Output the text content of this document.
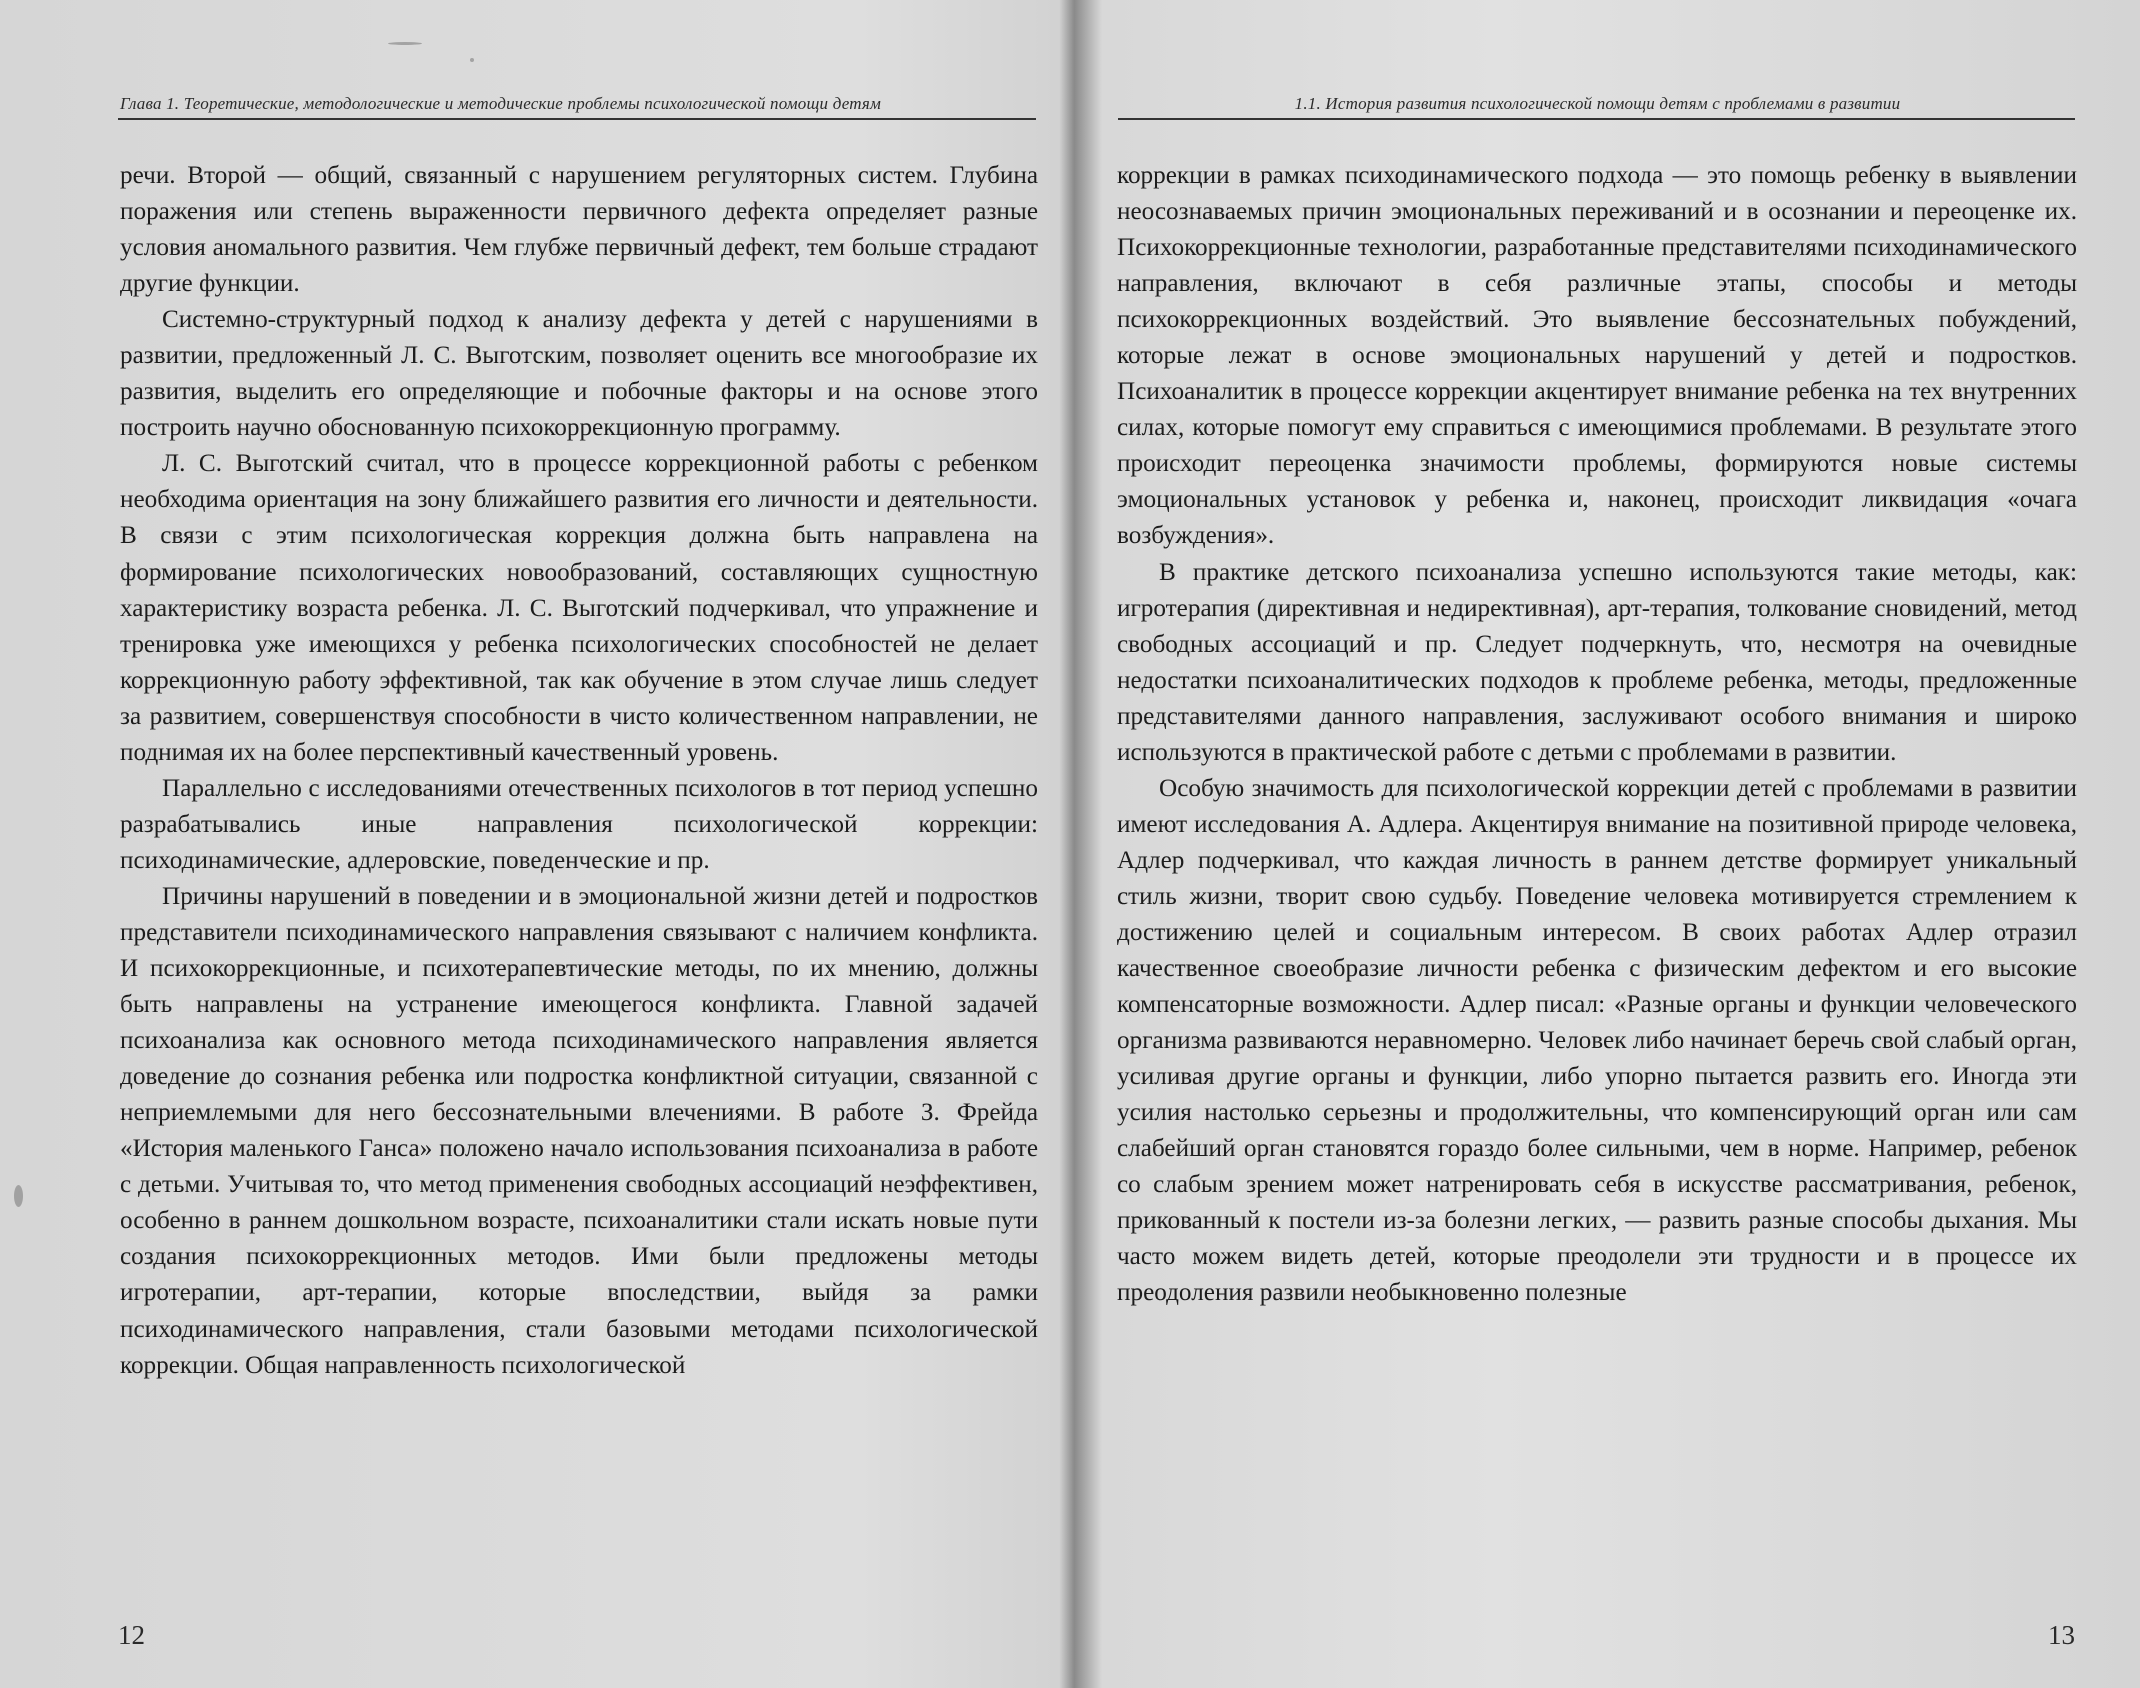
Глава 1. Теоретические, методологические и методические проблемы психологической помощи детям

речи. Второй — общий, связанный с нарушением регуляторных систем. Глубина поражения или степень выраженности первичного дефекта определяет разные условия аномального развития. Чем глубже первичный дефект, тем больше страдают другие функции.

Системно-структурный подход к анализу дефекта у детей с нарушениями в развитии, предложенный Л. С. Выготским, позволяет оценить все многообразие их развития, выделить его определяющие и побочные факторы и на основе этого построить научно обоснованную психокоррекционную программу.

Л. С. Выготский считал, что в процессе коррекционной работы с ребенком необходима ориентация на зону ближайшего развития его личности и деятельности. В связи с этим психологическая коррекция должна быть направлена на формирование психологических новообразований, составляющих сущностную характеристику возраста ребенка. Л. С. Выготский подчеркивал, что упражнение и тренировка уже имеющихся у ребенка психологических способностей не делает коррекционную работу эффективной, так как обучение в этом случае лишь следует за развитием, совершенствуя способности в чисто количественном направлении, не поднимая их на более перспективный качественный уровень.

Параллельно с исследованиями отечественных психологов в тот период успешно разрабатывались иные направления психологической коррекции: психодинамические, адлеровские, поведенческие и пр.

Причины нарушений в поведении и в эмоциональной жизни детей и подростков представители психодинамического направления связывают с наличием конфликта. И психокоррекционные, и психотерапевтические методы, по их мнению, должны быть направлены на устранение имеющегося конфликта. Главной задачей психоанализа как основного метода психодинамического направления является доведение до сознания ребенка или подростка конфликтной ситуации, связанной с неприемлемыми для него бессознательными влечениями. В работе З. Фрейда «История маленького Ганса» положено начало использования психоанализа в работе с детьми. Учитывая то, что метод применения свободных ассоциаций неэффективен, особенно в раннем дошкольном возрасте, психоаналитики стали искать новые пути создания психокоррекционных методов. Ими были предложены методы игротерапии, арт-терапии, которые впоследствии, выйдя за рамки психодинамического направления, стали базовыми методами психологической коррекции. Общая направленность психологической

12
1.1. История развития психологической помощи детям с проблемами в развитии

коррекции в рамках психодинамического подхода — это помощь ребенку в выявлении неосознаваемых причин эмоциональных переживаний и в осознании и переоценке их. Психокоррекционные технологии, разработанные представителями психодинамического направления, включают в себя различные этапы, способы и методы психокоррекционных воздействий. Это выявление бессознательных побуждений, которые лежат в основе эмоциональных нарушений у детей и подростков. Психоаналитик в процессе коррекции акцентирует внимание ребенка на тех внутренних силах, которые помогут ему справиться с имеющимися проблемами. В результате этого происходит переоценка значимости проблемы, формируются новые системы эмоциональных установок у ребенка и, наконец, происходит ликвидация «очага возбуждения».

В практике детского психоанализа успешно используются такие методы, как: игротерапия (директивная и недирективная), арт-терапия, толкование сновидений, метод свободных ассоциаций и пр. Следует подчеркнуть, что, несмотря на очевидные недостатки психоаналитических подходов к проблеме ребенка, методы, предложенные представителями данного направления, заслуживают особого внимания и широко используются в практической работе с детьми с проблемами в развитии.

Особую значимость для психологической коррекции детей с проблемами в развитии имеют исследования А. Адлера. Акцентируя внимание на позитивной природе человека, Адлер подчеркивал, что каждая личность в раннем детстве формирует уникальный стиль жизни, творит свою судьбу. Поведение человека мотивируется стремлением к достижению целей и социальным интересом. В своих работах Адлер отразил качественное своеобразие личности ребенка с физическим дефектом и его высокие компенсаторные возможности. Адлер писал: «Разные органы и функции человеческого организма развиваются неравномерно. Человек либо начинает беречь свой слабый орган, усиливая другие органы и функции, либо упорно пытается развить его. Иногда эти усилия настолько серьезны и продолжительны, что компенсирующий орган или сам слабейший орган становятся гораздо более сильными, чем в норме. Например, ребенок со слабым зрением может натренировать себя в искусстве рассматривания, ребенок, прикованный к постели из-за болезни легких, — развить разные способы дыхания. Мы часто можем видеть детей, которые преодолели эти трудности и в процессе их преодоления развили необыкновенно полезные

13
